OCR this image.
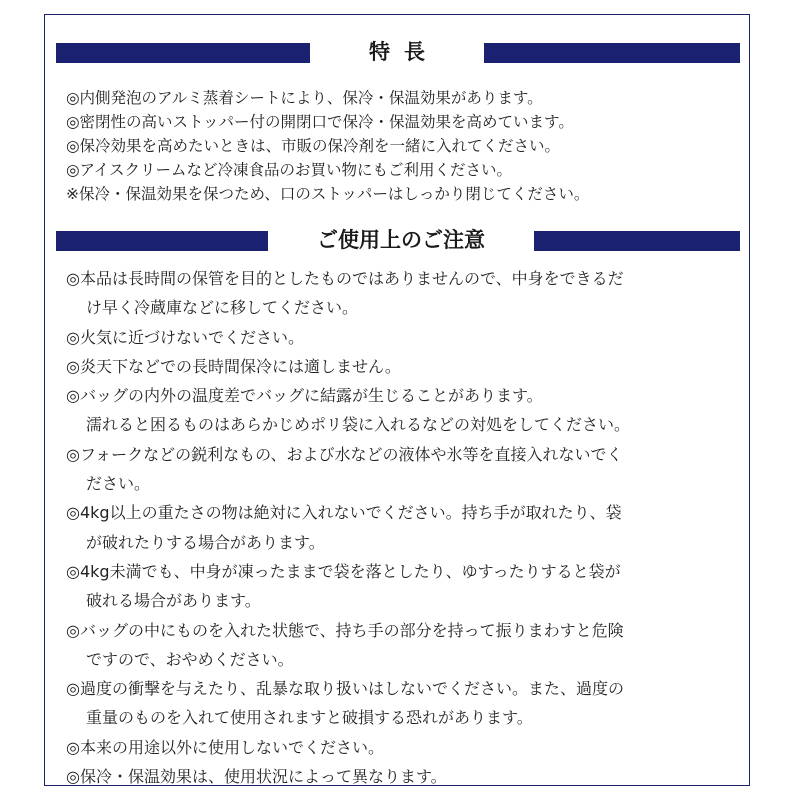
特長
◎内側発泡のアルミ蒸着シートにより、保冷・保温効果があります。
◎密閉性の高いストッパー付の開閉口で保冷・保温効果を高めています。
◎保冷効果を高めたいときは、市販の保冷剤を一緒に入れてください。
◎アイスクリームなど冷凍食品のお買い物にもご利用ください。
※保冷・保温効果を保つため、口のストッパーはしっかり閉じてください。
ご使用上のご注意
◎本品は長時間の保管を目的としたものではありませんので、中身をできるだ
け早く冷蔵庫などに移してください。
◎火気に近づけないでください。
◎炎天下などでの長時間保冷には適しません。
◎バッグの内外の温度差でバッグに結露が生じることがあります。
濡れると困るものはあらかじめポリ袋に入れるなどの対処をしてください。
◎フォークなどの鋭利なもの、および水などの液体や氷等を直接入れないでく
ださい。
◎4kg以上の重たさの物は絶対に入れないでください。持ち手が取れたり、袋
が破れたりする場合があります。
◎4kg未満でも、中身が凍ったままで袋を落としたり、ゆすったりすると袋が
破れる場合があります。
◎バッグの中にものを入れた状態で、持ち手の部分を持って振りまわすと危険
ですので、おやめください。
◎過度の衝撃を与えたり、乱暴な取り扱いはしないでください。また、過度の
重量のものを入れて使用されますと破損する恐れがあります。
◎本来の用途以外に使用しないでください。
◎保冷・保温効果は、使用状況によって異なります。
